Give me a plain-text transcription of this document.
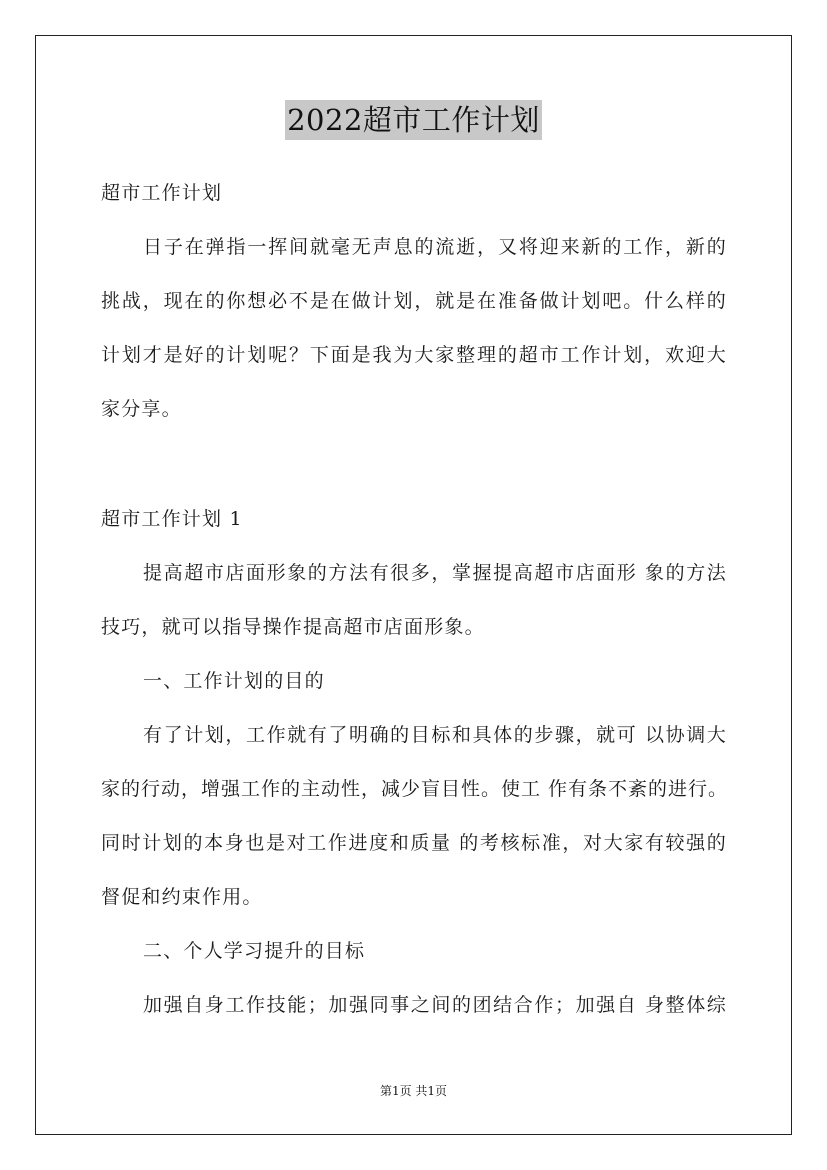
2022超市工作计划
超市工作计划
日子在弹指一挥间就毫无声息的流逝，又将迎来新的工作，新的
挑战，现在的你想必不是在做计划，就是在准备做计划吧。什么样的
计划才是好的计划呢？下面是我为大家整理的超市工作计划，欢迎大
家分享。
超市工作计划 1
提高超市店面形象的方法有很多，掌握提高超市店面形 象的方法
技巧，就可以指导操作提高超市店面形象。
一、工作计划的目的
有了计划，工作就有了明确的目标和具体的步骤，就可 以协调大
家的行动，增强工作的主动性，减少盲目性。使工 作有条不紊的进行。
同时计划的本身也是对工作进度和质量 的考核标准，对大家有较强的
督促和约束作用。
二、个人学习提升的目标
加强自身工作技能；加强同事之间的团结合作；加强自 身整体综
第1页 共1页
